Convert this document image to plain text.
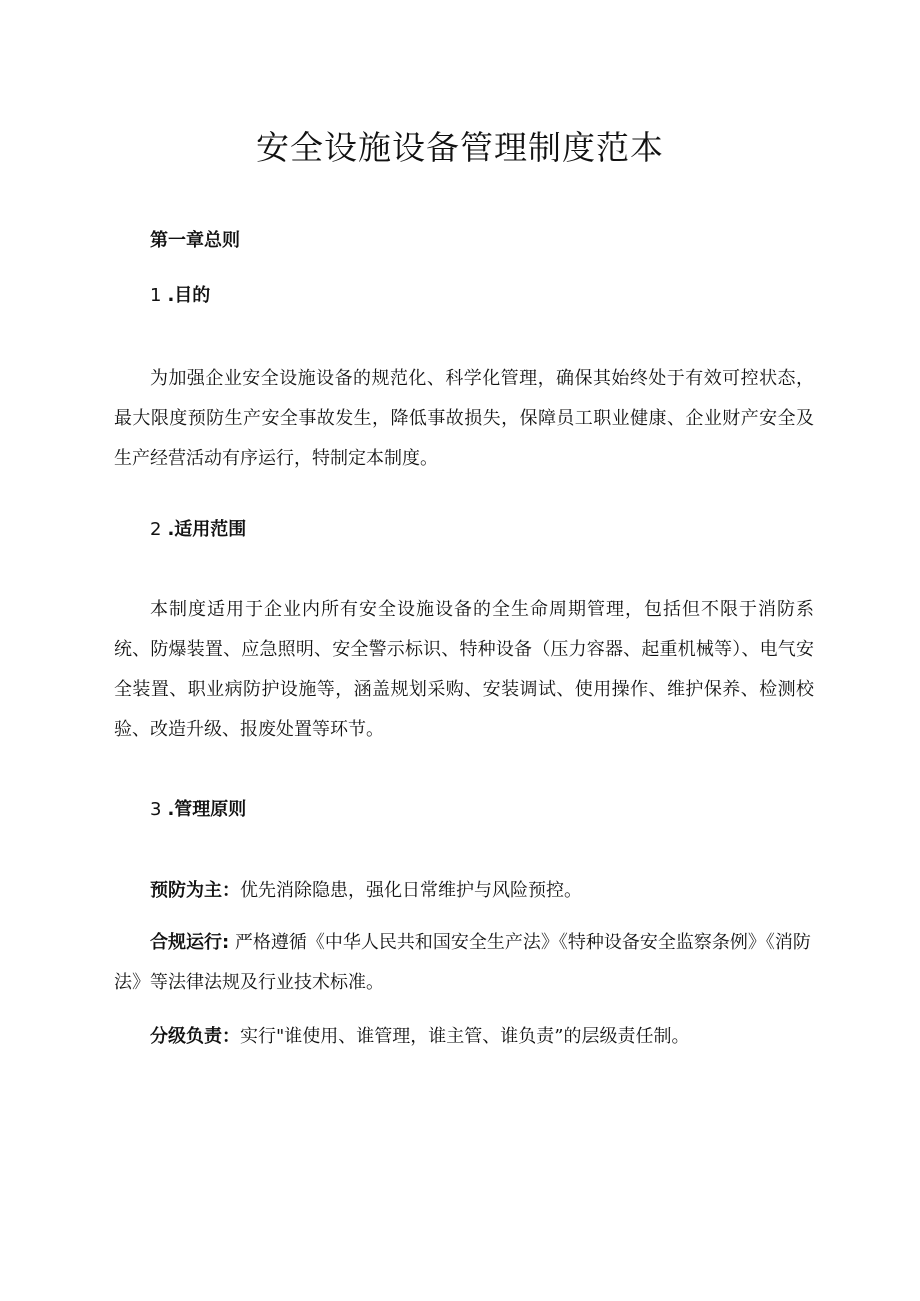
安全设施设备管理制度范本
第一章总则
1 .目的

为加强企业安全设施设备的规范化、科学化管理，确保其始终处于有效可控状态，最大限度预防生产安全事故发生，降低事故损失，保障员工职业健康、企业财产安全及生产经营活动有序运行，特制定本制度。

2 .适用范围

本制度适用于企业内所有安全设施设备的全生命周期管理，包括但不限于消防系统、防爆装置、应急照明、安全警示标识、特种设备（压力容器、起重机械等）、电气安全装置、职业病防护设施等，涵盖规划采购、安装调试、使用操作、维护保养、检测校验、改造升级、报废处置等环节。

3 .管理原则

预防为主：优先消除隐患，强化日常维护与风险预控。

合规运行: 严格遵循《中华人民共和国安全生产法》《特种设备安全监察条例》《消防法》等法律法规及行业技术标准。

分级负责：实行"谁使用、谁管理，谁主管、谁负责”的层级责任制。
